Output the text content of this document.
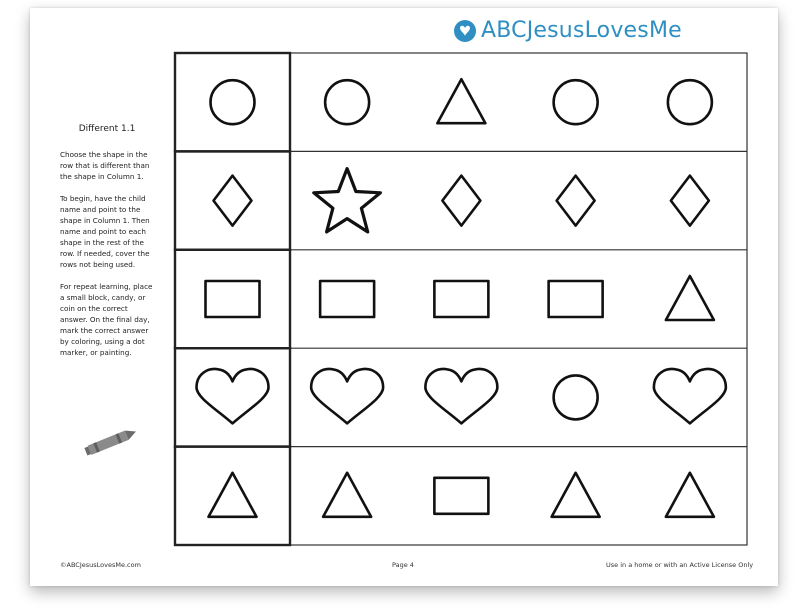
ABCJesusLovesMe
Different 1.1

Choose the shape in the row that is different than the shape in Column 1.

To begin, have the child name and point to the shape in Column 1. Then name and point to each shape in the rest of the row. If needed, cover the rows not being used.

For repeat learning, place a small block, candy, or coin on the correct answer. On the final day, mark the correct answer by coloring, using a dot marker, or painting.

©ABCJesusLovesMe.com	Page 4	Use in a home or with an Active License Only
